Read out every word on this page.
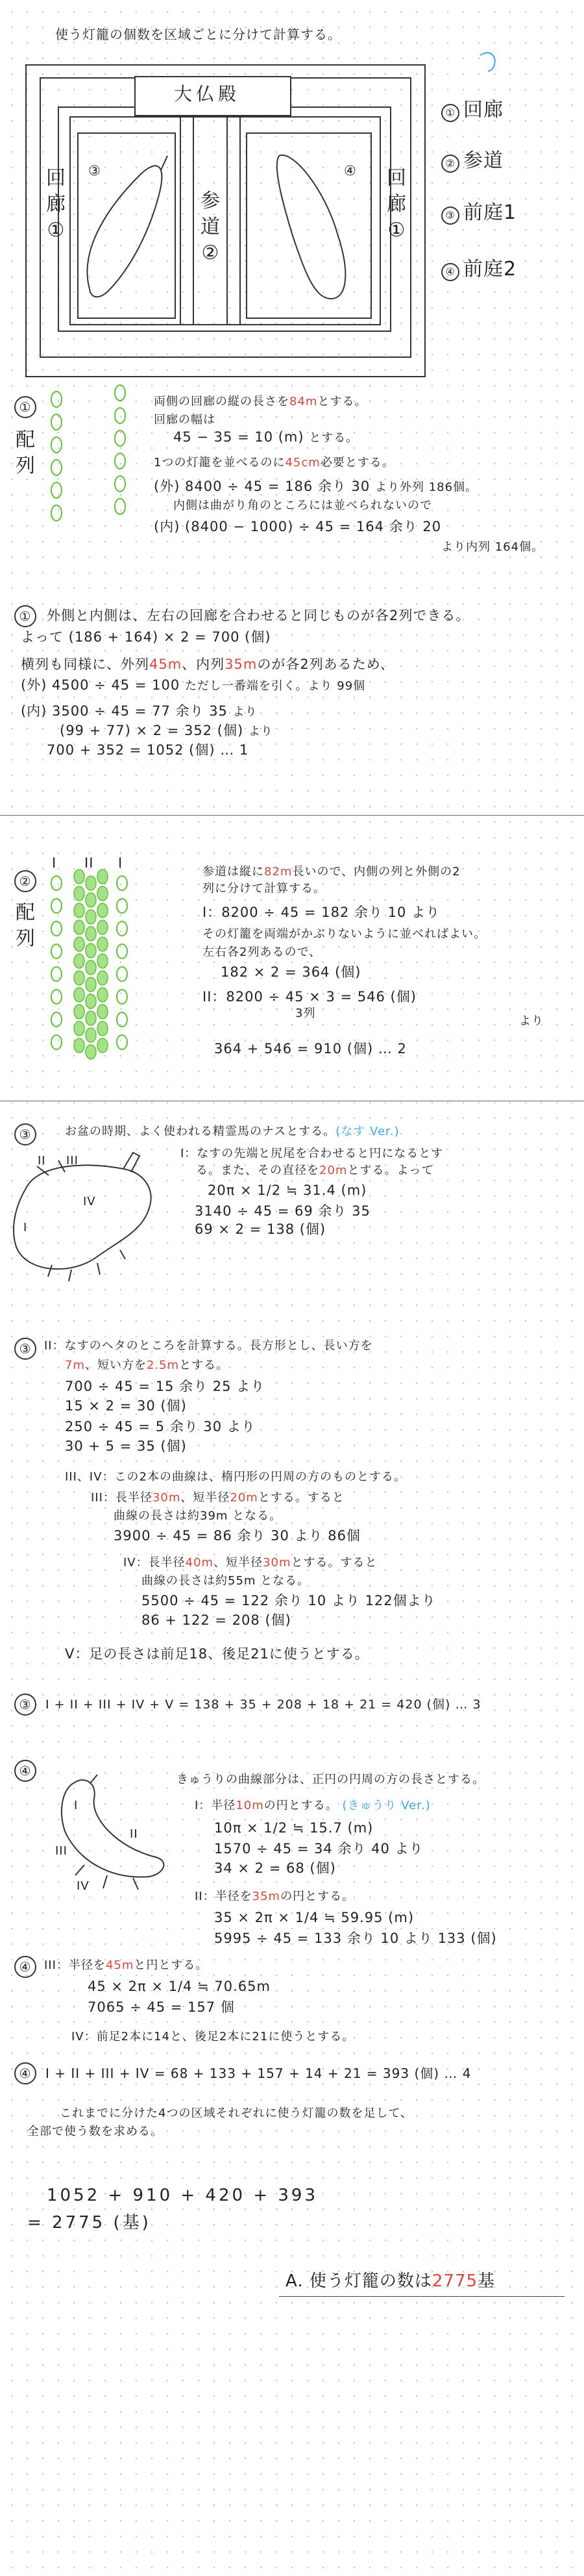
使う灯籠の個数を区域ごとに分けて計算する。
大仏殿
回
廊
①
回
廊
①
参
道
②
③	④
① 回廊
② 参道
③ 前庭1
④ 前庭2
①
配
列
両側の回廊の縦の長さを84mとする。
回廊の幅は
45 − 35 = 10 (m) とする。
1つの灯籠を並べるのに45cm必要とする。
(外) 8400 ÷ 45 = 186 余り 30 より外列 186個。
内側は曲がり角のところには並べられないので
(内) (8400 − 1000) ÷ 45 = 164 余り 20
より内列 164個。
①	外側と内側は、左右の回廊を合わせると同じものが各2列できる。
よって (186 + 164) × 2 = 700 (個)
横列も同様に、外列45m、内列35mのが各2列あるため、
(外) 4500 ÷ 45 = 100 ただし一番端を引く。より 99個
(内) 3500 ÷ 45 = 77 余り 35 より
(99 + 77) × 2 = 352 (個) より
700 + 352 = 1052 (個) … 1
②
配
列
I II I
参道は縦に82m長いので、内側の列と外側の2
列に分けて計算する。
I：8200 ÷ 45 = 182 余り 10 より
その灯籠を両端がかぶりないように並べればよい。
左右各2列あるので、
182 × 2 = 364 (個)
II：8200 ÷ 45 × 3 = 546 (個)
3列
より
364 + 546 = 910 (個) … 2
③	お盆の時期、よく使われる精霊馬のナスとする。(なす Ver.)
II III
I
IV
I：なすの先端と尻尾を合わせると円になるとす
る。また、その直径を20mとする。よって
20π × 1/2 ≒ 31.4 (m)
3140 ÷ 45 = 69 余り 35
69 × 2 = 138 (個)
③	II：なすのヘタのところを計算する。長方形とし、長い方を
7m、短い方を2.5mとする。
700 ÷ 45 = 15 余り 25 より
15 × 2 = 30 (個)
250 ÷ 45 = 5 余り 30 より
30 + 5 = 35 (個)
III、IV：この2本の曲線は、楕円形の円周の方のものとする。
III：長半径30m、短半径20mとする。すると
曲線の長さは約39m となる。
3900 ÷ 45 = 86 余り 30 より 86個
IV：長半径40m、短半径30mとする。すると
曲線の長さは約55m となる。
5500 ÷ 45 = 122 余り 10 より 122個より
86 + 122 = 208 (個)
V：足の長さは前足18、後足21に使うとする。
③	I + II + III + IV + V = 138 + 35 + 208 + 18 + 21 = 420 (個) … 3
④
I
II
III
IV
きゅうりの曲線部分は、正円の円周の方の長さとする。
I：半径10mの円とする。 (きゅうり Ver.)
10π × 1/2 ≒ 15.7 (m)
1570 ÷ 45 = 34 余り 40 より
34 × 2 = 68 (個)
II：半径を35mの円とする。
35 × 2π × 1/4 ≒ 59.95 (m)
5995 ÷ 45 = 133 余り 10 より 133 (個)
④	III：半径を45mと円とする。
45 × 2π × 1/4 ≒ 70.65m
7065 ÷ 45 = 157 個
IV：前足2本に14と、後足2本に21に使うとする。
④	I + II + III + IV = 68 + 133 + 157 + 14 + 21 = 393 (個) … 4
これまでに分けた4つの区域それぞれに使う灯籠の数を足して、
全部で使う数を求める。
1052 + 910 + 420 + 393
= 2775 (基)
A. 使う灯籠の数は2775基
